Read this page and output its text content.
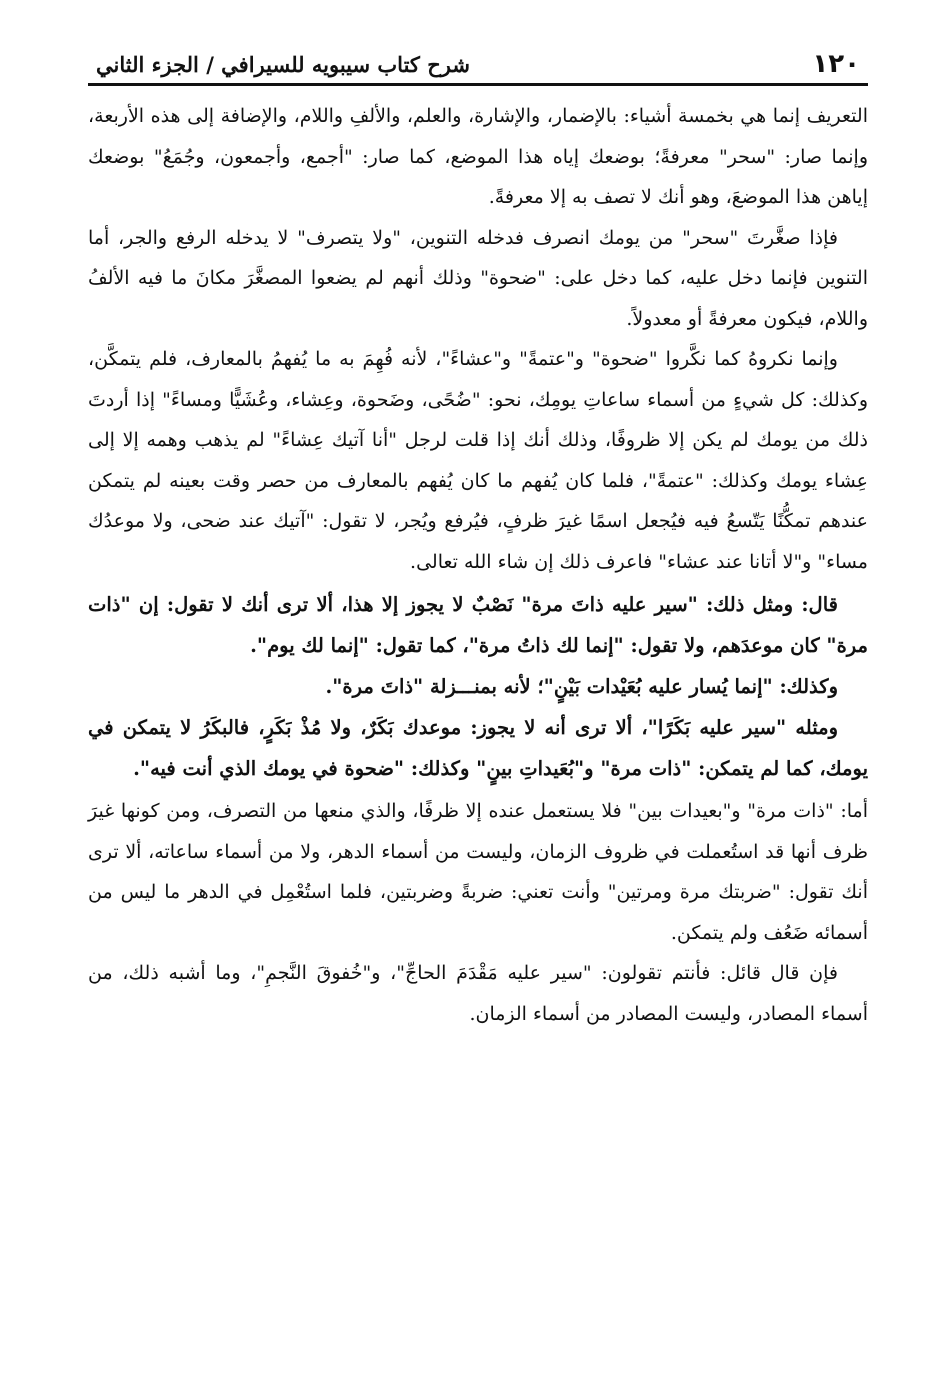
١٢٠
شرح كتاب سيبويه للسيرافي / الجزء الثاني

التعريف إنما هي بخمسة أشياء: بالإضمار، والإشارة، والعلم، والألفِ واللام، والإضافة إلى هذه الأربعة، وإنما صار: "سحر" معرفةً؛ بوضعك إياه هذا الموضع، كما صار: "أجمع، وأجمعون، وجُمَعُ" بوضعك إياهن هذا الموضعَ، وهو أنك لا تصف به إلا معرفةً.

فإذا صغَّرتَ "سحر" من يومك انصرف فدخله التنوين، "ولا يتصرف" لا يدخله الرفع والجر، أما التنوين فإنما دخل عليه، كما دخل على: "ضحوة" وذلك أنهم لم يضعوا المصغَّرَ مكانَ ما فيه الألفُ واللام، فيكون معرفةً أو معدولاً.

وإنما نكروهُ كما نكَّروا "ضحوة" و"عتمةً" و"عشاءً"، لأنه فُهِمَ به ما يُفهمُ بالمعارف، فلم يتمكَّن، وكذلك: كل شيءٍ من أسماء ساعاتِ يومِك، نحو: "ضُحًى، وضَحوة، وعِشاء، وعُشَيًّا ومساءً" إذا أردتَ ذلك من يومك لم يكن إلا ظروفًا، وذلك أنك إذا قلت لرجل "أنا آتيك عِشاءً" لم يذهب وهمه إلا إلى عِشاء يومك وكذلك: "عتمةً"، فلما كان يُفهم ما كان يُفهم بالمعارف من حصر وقت بعينه لم يتمكن عندهم تمكُّنًا يَتّسعُ فيه فيُجعل اسمًا غيرَ ظرفٍ، فيُرفع ويُجر، لا تقول: "آتيك عند ضحى، ولا موعدُك مساء" و"لا أتانا عند عشاء" فاعرف ذلك إن شاء الله تعالى.

قال: ومثل ذلك: "سير عليه ذاتَ مرة" نَصْبٌ لا يجوز إلا هذا، ألا ترى أنك لا تقول: إن "ذات مرة" كان موعدَهم، ولا تقول: "إنما لك ذاتُ مرة"، كما تقول: "إنما لك يوم".

وكذلك: "إنما يُسار عليه بُعَيْدات بَيْنٍ"؛ لأنه بمنـــزلة "ذاتَ مرة".

ومثله "سير عليه بَكَرًا"، ألا ترى أنه لا يجوز: موعدك بَكَرٌ، ولا مُذْ بَكَرٍ، فالبكَرُ لا يتمكن في يومك، كما لم يتمكن: "ذات مرة" و"بُعَيداتِ بينٍ" وكذلك: "ضحوة في يومك الذي أنت فيه".

أما: "ذات مرة" و"بعيدات بين" فلا يستعمل عنده إلا ظرفًا، والذي منعها من التصرف، ومن كونها غيرَ ظرف أنها قد استُعملت في ظروف الزمان، وليست من أسماء الدهر، ولا من أسماء ساعاته، ألا ترى أنك تقول: "ضربتك مرة ومرتين" وأنت تعني: ضربةً وضربتين، فلما استُعْمِل في الدهر ما ليس من أسمائه ضَعُف ولم يتمكن.

فإن قال قائل: فأنتم تقولون: "سير عليه مَقْدَمَ الحاجِّ"، و"خُفوقَ النَّجمِ"، وما أشبه ذلك، من أسماء المصادر، وليست المصادر من أسماء الزمان.
